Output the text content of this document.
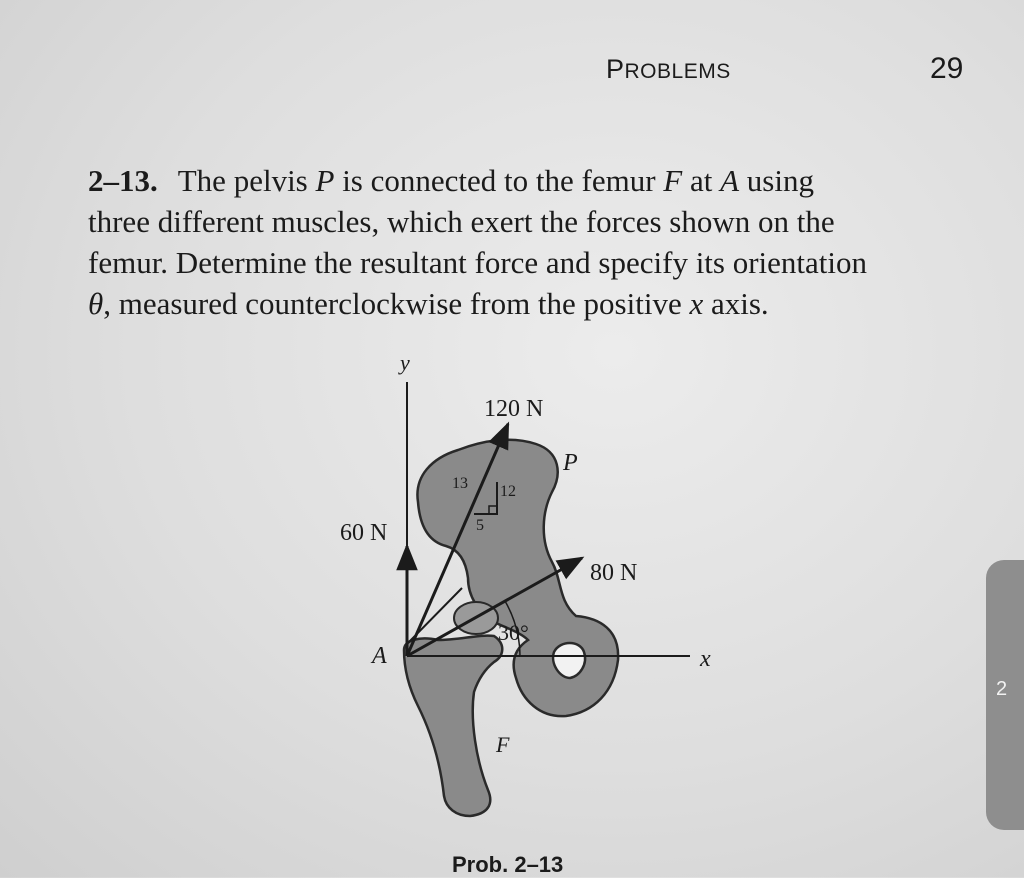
PROBLEMS	29
2–13. The pelvis P is connected to the femur F at A using
three different muscles, which exert the forces shown on the
femur. Determine the resultant force and specify its orientation
θ, measured counterclockwise from the positive x axis.
y
x
13 12
5
30°
120 N
60 N
80 N
A
P
F
Prob. 2–13
2
